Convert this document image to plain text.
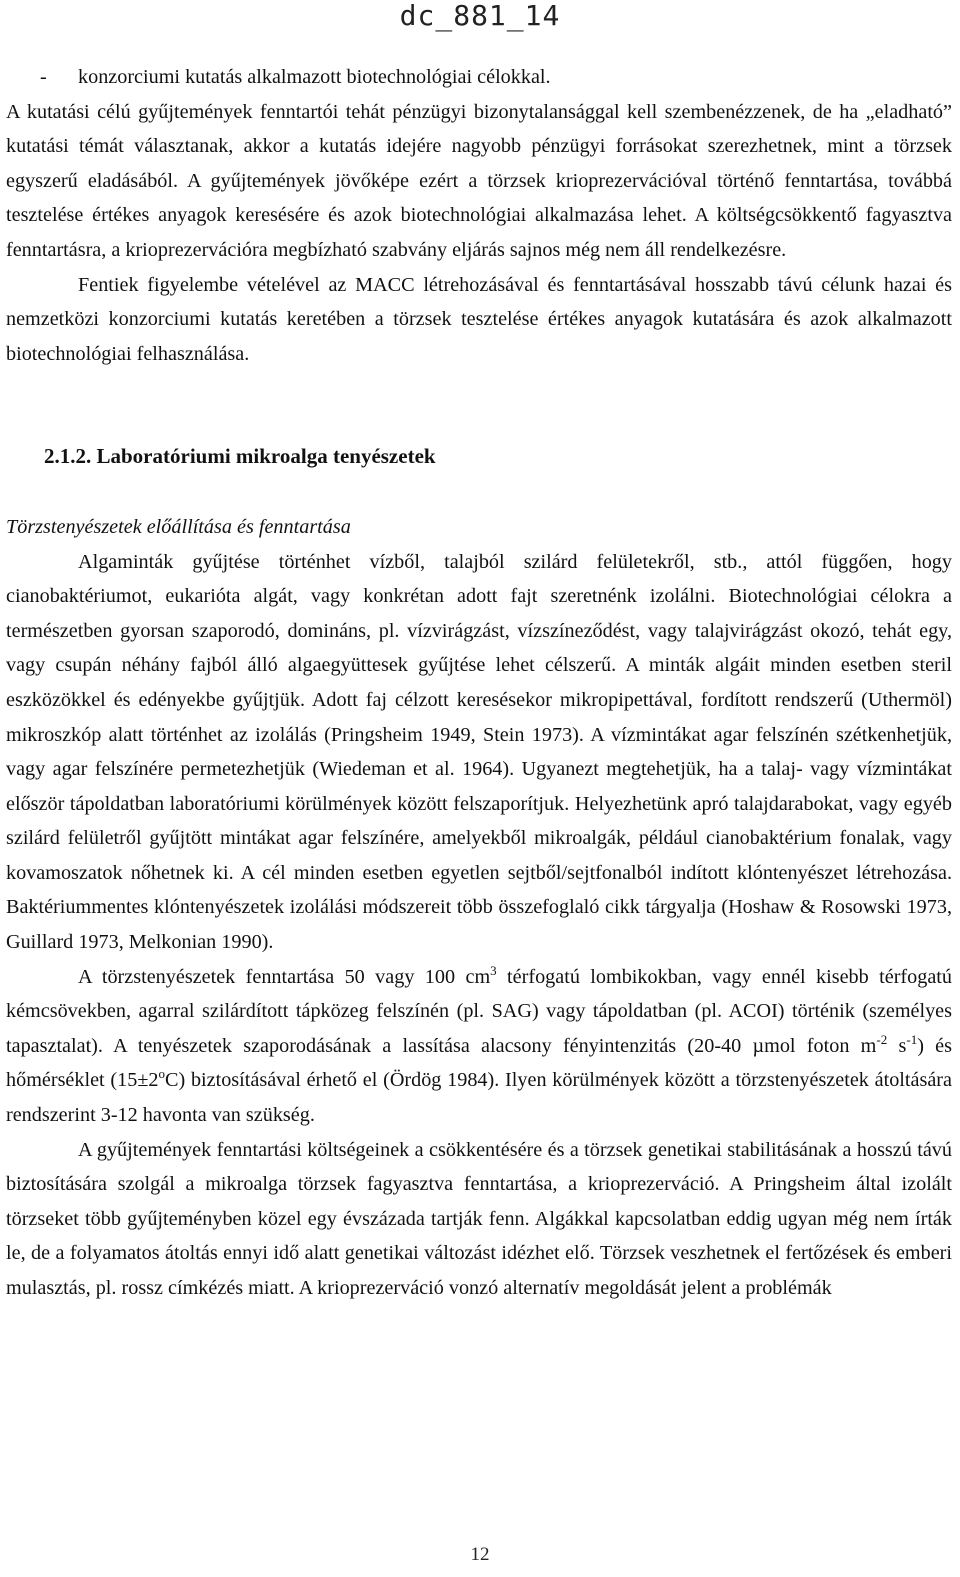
dc_881_14
- konzorciumi kutatás alkalmazott biotechnológiai célokkal.

A kutatási célú gyűjtemények fenntartói tehát pénzügyi bizonytalansággal kell szembenézzenek, de ha „eladható” kutatási témát választanak, akkor a kutatás idejére nagyobb pénzügyi forrásokat szerezhetnek, mint a törzsek egyszerű eladásából. A gyűjtemények jövőképe ezért a törzsek krioprezervációval történő fenntartása, továbbá tesztelése értékes anyagok keresésére és azok biotechnológiai alkalmazása lehet. A költségcsökkentő fagyasztva fenntartásra, a krioprezervációra megbízható szabvány eljárás sajnos még nem áll rendelkezésre.

Fentiek figyelembe vételével az MACC létrehozásával és fenntartásával hosszabb távú célunk hazai és nemzetközi konzorciumi kutatás keretében a törzsek tesztelése értékes anyagok kutatására és azok alkalmazott biotechnológiai felhasználása.

2.1.2. Laboratóriumi mikroalga tenyészetek
Törzstenyészetek előállítása és fenntartása

Algaminták gyűjtése történhet vízből, talajból szilárd felületekről, stb., attól függően, hogy cianobaktériumot, eukarióta algát, vagy konkrétan adott fajt szeretnénk izolálni. Biotechnológiai célokra a természetben gyorsan szaporodó, domináns, pl. vízvirágzást, vízszíneződést, vagy talajvirágzást okozó, tehát egy, vagy csupán néhány fajból álló algaegyüttesek gyűjtése lehet célszerű. A minták algáit minden esetben steril eszközökkel és edényekbe gyűjtjük. Adott faj célzott keresésekor mikropipettával, fordított rendszerű (Uthermöl) mikroszkóp alatt történhet az izolálás (Pringsheim 1949, Stein 1973). A vízmintákat agar felszínén szétkenhetjük, vagy agar felszínére permetezhetjük (Wiedeman et al. 1964). Ugyanezt megtehetjük, ha a talaj- vagy vízmintákat először tápoldatban laboratóriumi körülmények között felszaporítjuk. Helyezhetünk apró talajdarabokat, vagy egyéb szilárd felületről gyűjtött mintákat agar felszínére, amelyekből mikroalgák, például cianobaktérium fonalak, vagy kovamoszatok nőhetnek ki. A cél minden esetben egyetlen sejtből/sejtfonalból indított klóntenyészet létrehozása. Baktériummentes klóntenyészetek izolálási módszereit több összefoglaló cikk tárgyalja (Hoshaw & Rosowski 1973, Guillard 1973, Melkonian 1990).

A törzstenyészetek fenntartása 50 vagy 100 $cm^3$ térfogatú lombikokban, vagy ennél kisebb térfogatú kémcsövekben, agarral szilárdított tápközeg felszínén (pl. SAG) vagy tápoldatban (pl. ACOI) történik (személyes tapasztalat). A tenyészetek szaporodásának a lassítása alacsony fényintenzitás (20-40 µmol foton $m^{-2}$ $s^{-1}$) és hőmérséklet $(15\pm 2^oC)$ biztosításával érhető el (Ördög 1984). Ilyen körülmények között a törzstenyészetek átoltására rendszerint 3-12 havonta van szükség.

A gyűjtemények fenntartási költségeinek a csökkentésére és a törzsek genetikai stabilitásának a hosszú távú biztosítására szolgál a mikroalga törzsek fagyasztva fenntartása, a krioprezerváció. A Pringsheim által izolált törzseket több gyűjteményben közel egy évszázada tartják fenn. Algákkal kapcsolatban eddig ugyan még nem írták le, de a folyamatos átoltás ennyi idő alatt genetikai változást idézhet elő. Törzsek veszhetnek el fertőzések és emberi mulasztás, pl. rossz címkézés miatt. A krioprezerváció vonzó alternatív megoldását jelent a problémák

12
